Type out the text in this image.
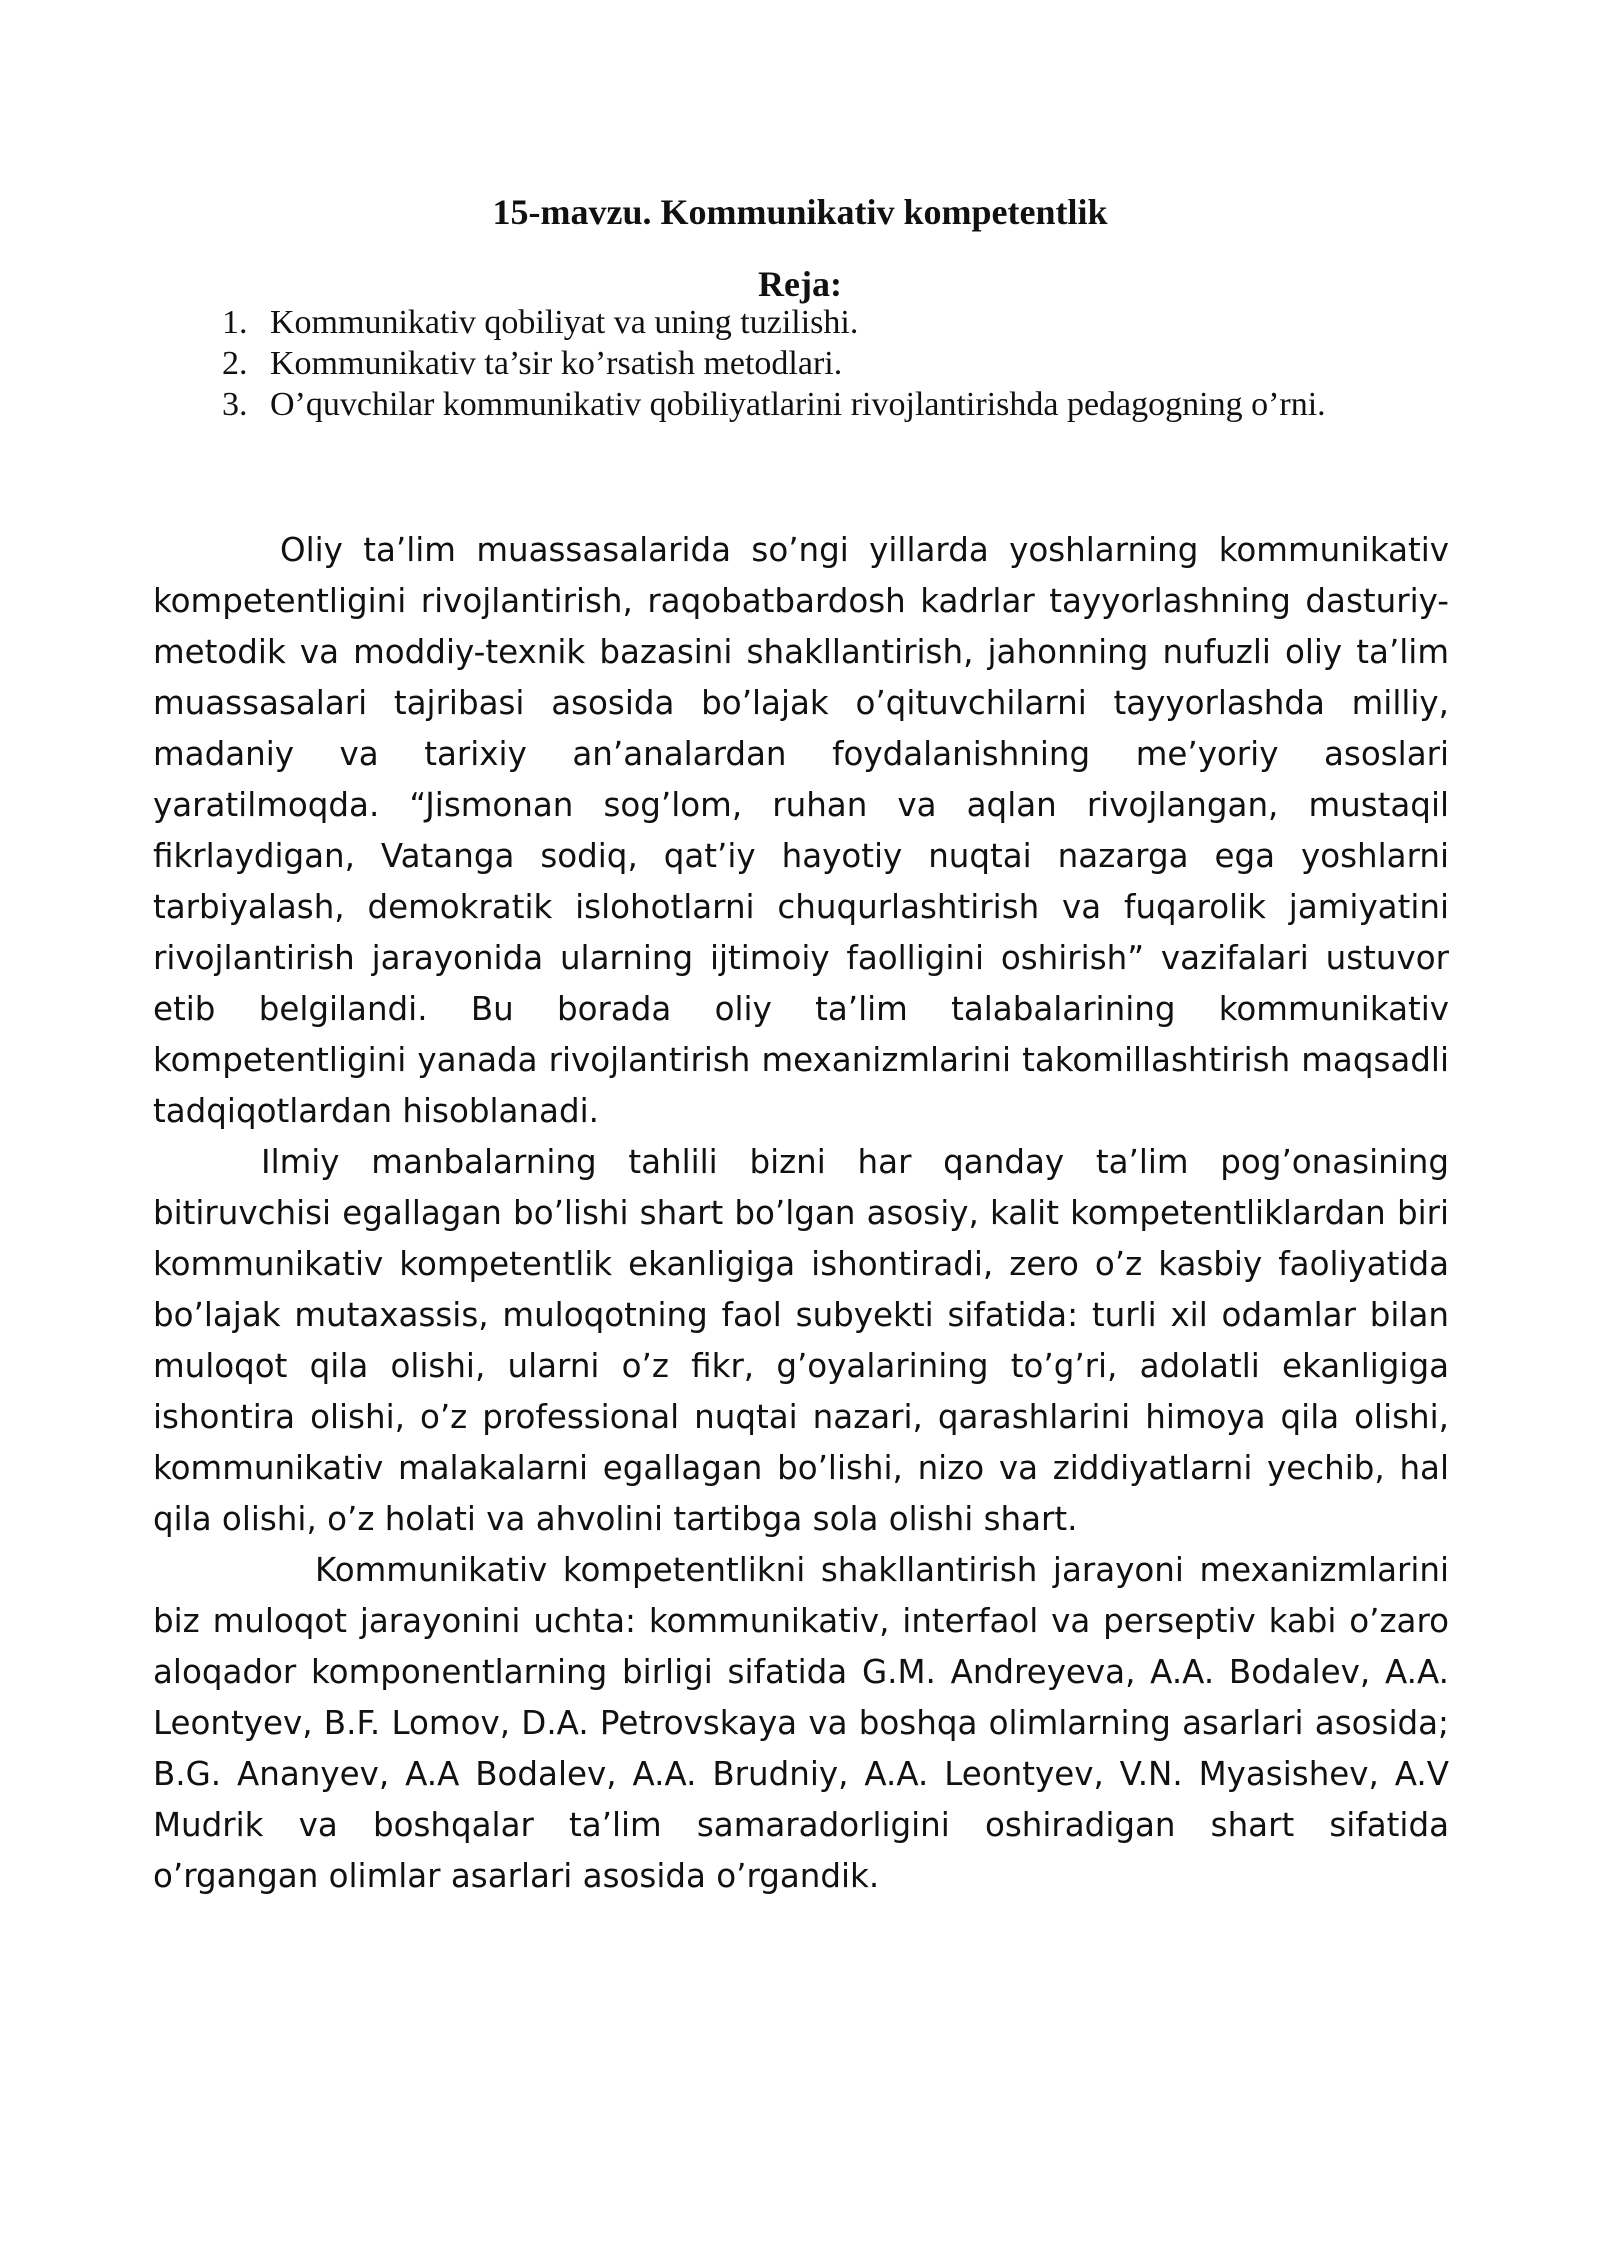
15-mavzu. Kommunikativ kompetentlik
Reja:
1. Kommunikativ qobiliyat va uning tuzilishi.
2. Kommunikativ ta’sir ko’rsatish metodlari.
3. O’quvchilar kommunikativ qobiliyatlarini rivojlantirishda pedagogning o’rni.

Oliy ta’lim muassasalarida so’ngi yillarda yoshlarning kommunikativ kompetentligini rivojlantirish, raqobatbardosh kadrlar tayyorlashning dasturiy-metodik va moddiy-texnik bazasini shakllantirish, jahonning nufuzli oliy ta’lim muassasalari tajribasi asosida bo’lajak o’qituvchilarni tayyorlashda milliy, madaniy va tarixiy an’analardan foydalanishning me’yoriy asoslari yaratilmoqda. “Jismonan sog’lom, ruhan va aqlan rivojlangan, mustaqil fikrlaydigan, Vatanga sodiq, qat’iy hayotiy nuqtai nazarga ega yoshlarni tarbiyalash, demokratik islohotlarni chuqurlashtirish va fuqarolik jamiyatini rivojlantirish jarayonida ularning ijtimoiy faolligini oshirish” vazifalari ustuvor etib belgilandi. Bu borada oliy ta’lim talabalarining kommunikativ kompetentligini yanada rivojlantirish mexanizmlarini takomillashtirish maqsadli tadqiqotlardan hisoblanadi.

Ilmiy manbalarning tahlili bizni har qanday ta’lim pog’onasining bitiruvchisi egallagan bo’lishi shart bo’lgan asosiy, kalit kompetentliklardan biri kommunikativ kompetentlik ekanligiga ishontiradi, zero o’z kasbiy faoliyatida bo’lajak mutaxassis, muloqotning faol subyekti sifatida: turli xil odamlar bilan muloqot qila olishi, ularni o’z fikr, g’oyalarining to’g’ri, adolatli ekanligiga ishontira olishi, o’z professional nuqtai nazari, qarashlarini himoya qila olishi, kommunikativ malakalarni egallagan bo’lishi, nizo va ziddiyatlarni yechib, hal qila olishi, o’z holati va ahvolini tartibga sola olishi shart.

Kommunikativ kompetentlikni shakllantirish jarayoni mexanizmlarini biz muloqot jarayonini uchta: kommunikativ, interfaol va perseptiv kabi o’zaro aloqador komponentlarning birligi sifatida G.M. Andreyeva, A.A. Bodalev, A.A. Leontyev, B.F. Lomov, D.A. Petrovskaya va boshqa olimlarning asarlari asosida; B.G. Ananyev, A.A Bodalev, A.A. Brudniy, A.A. Leontyev, V.N. Myasishev, A.V Mudrik va boshqalar ta’lim samaradorligini oshiradigan shart sifatida o’rgangan olimlar asarlari asosida o’rgandik.
